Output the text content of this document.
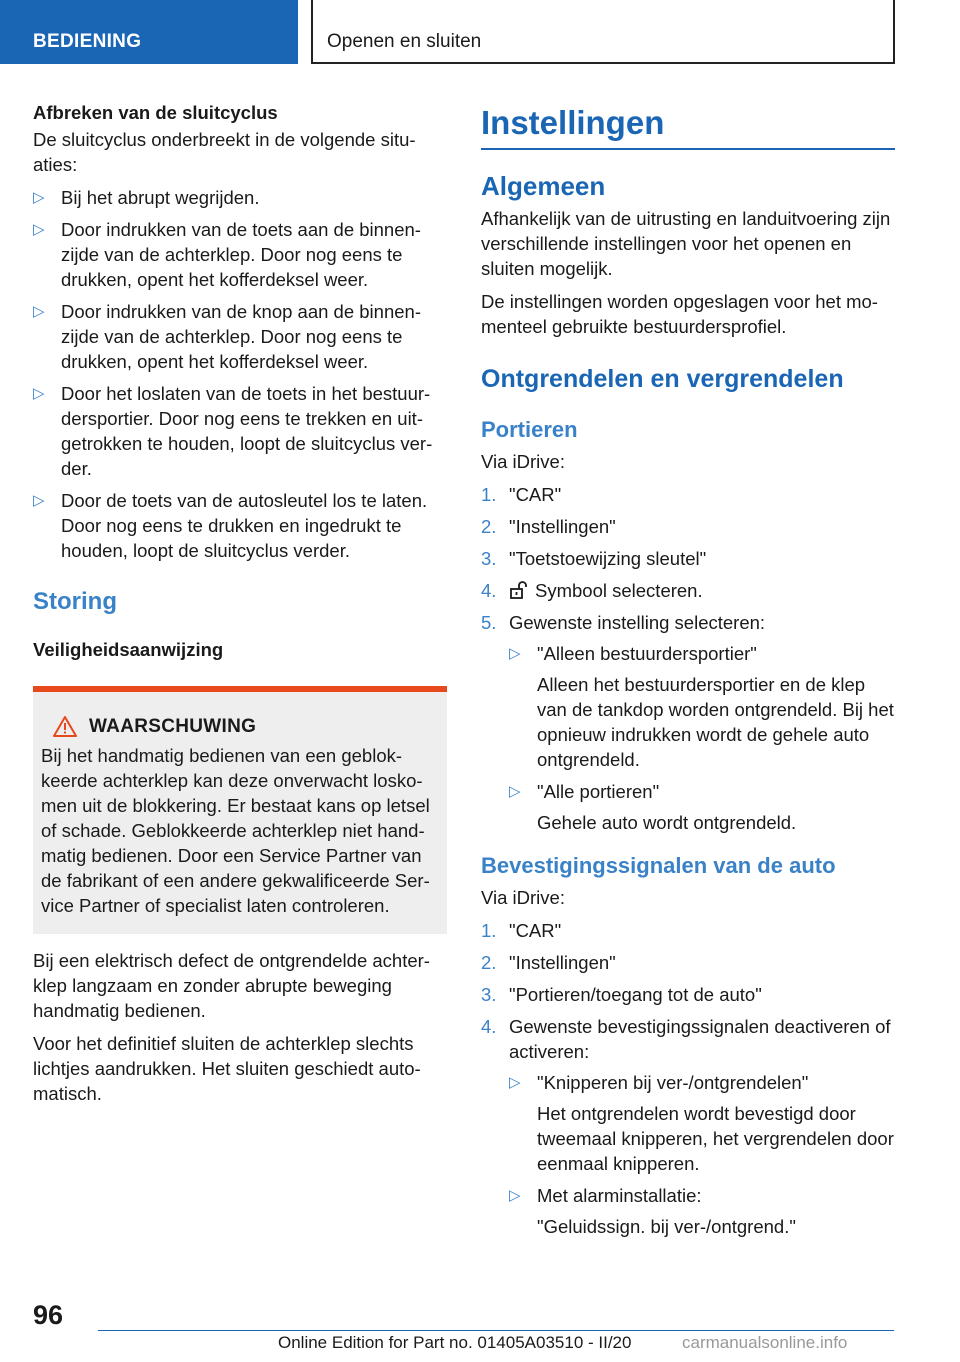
BEDIENING	Openen en sluiten
Afbreken van de sluitcyclus

De sluitcyclus onderbreekt in de volgende situ-aties:

▷ Bij het abrupt wegrijden.
▷ Door indrukken van de toets aan de binnen-zijde van de achterklep. Door nog eens te drukken, opent het kofferdeksel weer.
▷ Door indrukken van de knop aan de binnen-zijde van de achterklep. Door nog eens te drukken, opent het kofferdeksel weer.
▷ Door het loslaten van de toets in het bestuur-dersportier. Door nog eens te trekken en uit-getrokken te houden, loopt de sluitcyclus ver-der.
▷ Door de toets van de autosleutel los te laten. Door nog eens te drukken en ingedrukt te houden, loopt de sluitcyclus verder.
Storing
Veiligheidsaanwijzing
WAARSCHUWING
Bij het handmatig bedienen van een geblok-keerde achterklep kan deze onverwacht losko-men uit de blokkering. Er bestaat kans op letsel of schade. Geblokkeerde achterklep niet hand-matig bedienen. Door een Service Partner van de fabrikant of een andere gekwalificeerde Ser-vice Partner of specialist laten controleren.

Bij een elektrisch defect de ontgrendelde achter-klep langzaam en zonder abrupte beweging handmatig bedienen.

Voor het definitief sluiten de achterklep slechts lichtjes aandrukken. Het sluiten geschiedt auto-matisch.

Instellingen
Algemeen

Afhankelijk van de uitrusting en landuitvoering zijn verschillende instellingen voor het openen en sluiten mogelijk.

De instellingen worden opgeslagen voor het mo-menteel gebruikte bestuurdersprofiel.

Ontgrendelen en vergrendelen
Portieren

Via iDrive:

1. "CAR"
2. "Instellingen"
3. "Toetstoewijzing sleutel"
4. Symbool selecteren.
5. Gewenste instelling selecteren:
▷ "Alleen bestuurdersportier"
Alleen het bestuurdersportier en de klep van de tankdop worden ontgrendeld. Bij het opnieuw indrukken wordt de gehele auto ontgrendeld.
▷ "Alle portieren"
Gehele auto wordt ontgrendeld.
Bevestigingssignalen van de auto

Via iDrive:

1. "CAR"
2. "Instellingen"
3. "Portieren/toegang tot de auto"
4. Gewenste bevestigingssignalen deactiveren of activeren:
▷ "Knipperen bij ver-/ontgrendelen"
Het ontgrendelen wordt bevestigd door tweemaal knipperen, het vergrendelen door eenmaal knipperen.
▷ Met alarminstallatie:
"Geluidssign. bij ver-/ontgrend."
96
Online Edition for Part no. 01405A03510 - II/20	carmanualsonline.info
